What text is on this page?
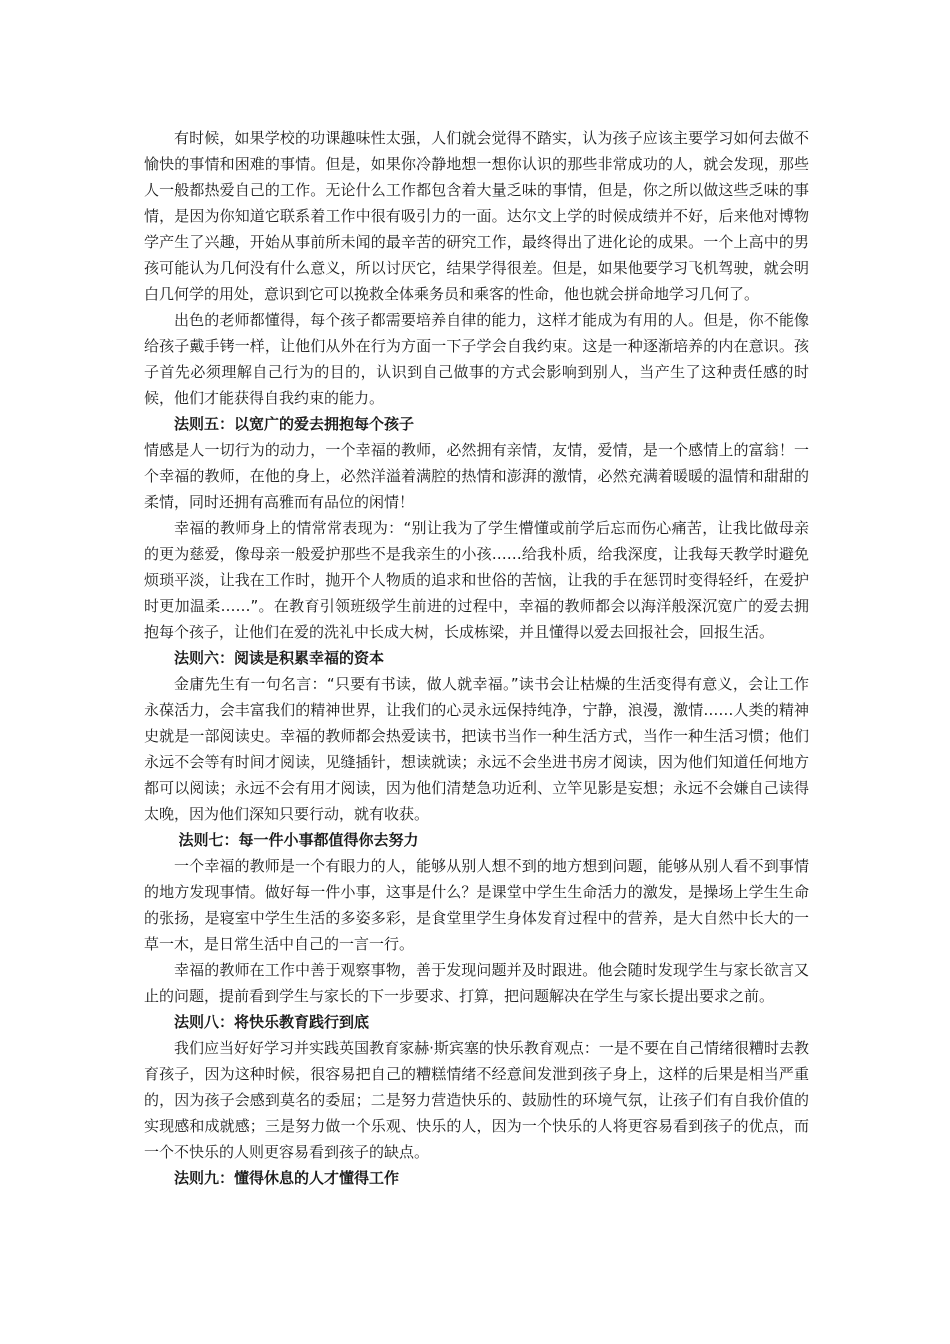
有时候，如果学校的功课趣味性太强，人们就会觉得不踏实，认为孩子应该主要学习如何去做不愉快的事情和困难的事情。但是，如果你冷静地想一想你认识的那些非常成功的人，就会发现，那些人一般都热爱自己的工作。无论什么工作都包含着大量乏味的事情，但是，你之所以做这些乏味的事情，是因为你知道它联系着工作中很有吸引力的一面。达尔文上学的时候成绩并不好，后来他对博物学产生了兴趣，开始从事前所未闻的最辛苦的研究工作，最终得出了进化论的成果。一个上高中的男孩可能认为几何没有什么意义，所以讨厌它，结果学得很差。但是，如果他要学习飞机驾驶，就会明白几何学的用处，意识到它可以挽救全体乘务员和乘客的性命，他也就会拼命地学习几何了。

出色的老师都懂得，每个孩子都需要培养自律的能力，这样才能成为有用的人。但是，你不能像给孩子戴手铐一样，让他们从外在行为方面一下子学会自我约束。这是一种逐渐培养的内在意识。孩子首先必须理解自己行为的目的，认识到自己做事的方式会影响到别人，当产生了这种责任感的时候，他们才能获得自我约束的能力。

法则五：以宽广的爱去拥抱每个孩子

情感是人一切行为的动力，一个幸福的教师，必然拥有亲情，友情，爱情，是一个感情上的富翁！一个幸福的教师，在他的身上，必然洋溢着满腔的热情和澎湃的激情，必然充满着暖暖的温情和甜甜的柔情，同时还拥有高雅而有品位的闲情！

幸福的教师身上的情常常表现为：“别让我为了学生懵懂或前学后忘而伤心痛苦，让我比做母亲的更为慈爱，像母亲一般爱护那些不是我亲生的小孩……给我朴质，给我深度，让我每天教学时避免烦琐平淡，让我在工作时，抛开个人物质的追求和世俗的苦恼，让我的手在惩罚时变得轻纤，在爱护时更加温柔……”。在教育引领班级学生前进的过程中，幸福的教师都会以海洋般深沉宽广的爱去拥抱每个孩子，让他们在爱的洗礼中长成大树，长成栋梁，并且懂得以爱去回报社会，回报生活。

法则六：阅读是积累幸福的资本

金庸先生有一句名言：“只要有书读，做人就幸福。”读书会让枯燥的生活变得有意义，会让工作永葆活力，会丰富我们的精神世界，让我们的心灵永远保持纯净，宁静，浪漫，激情……人类的精神史就是一部阅读史。幸福的教师都会热爱读书，把读书当作一种生活方式，当作一种生活习惯；他们永远不会等有时间才阅读，见缝插针，想读就读；永远不会坐进书房才阅读，因为他们知道任何地方都可以阅读；永远不会有用才阅读，因为他们清楚急功近利、立竿见影是妄想；永远不会嫌自己读得太晚，因为他们深知只要行动，就有收获。

法则七：每一件小事都值得你去努力

一个幸福的教师是一个有眼力的人，能够从别人想不到的地方想到问题，能够从别人看不到事情的地方发现事情。做好每一件小事，这事是什么？是课堂中学生生命活力的激发，是操场上学生生命的张扬，是寝室中学生生活的多姿多彩，是食堂里学生身体发育过程中的营养，是大自然中长大的一草一木，是日常生活中自己的一言一行。

幸福的教师在工作中善于观察事物，善于发现问题并及时跟进。他会随时发现学生与家长欲言又止的问题，提前看到学生与家长的下一步要求、打算，把问题解决在学生与家长提出要求之前。

法则八：将快乐教育践行到底

我们应当好好学习并实践英国教育家赫·斯宾塞的快乐教育观点：一是不要在自己情绪很糟时去教育孩子，因为这种时候，很容易把自己的糟糕情绪不经意间发泄到孩子身上，这样的后果是相当严重的，因为孩子会感到莫名的委屈；二是努力营造快乐的、鼓励性的环境气氛，让孩子们有自我价值的实现感和成就感；三是努力做一个乐观、快乐的人，因为一个快乐的人将更容易看到孩子的优点，而一个不快乐的人则更容易看到孩子的缺点。

法则九：懂得休息的人才懂得工作
